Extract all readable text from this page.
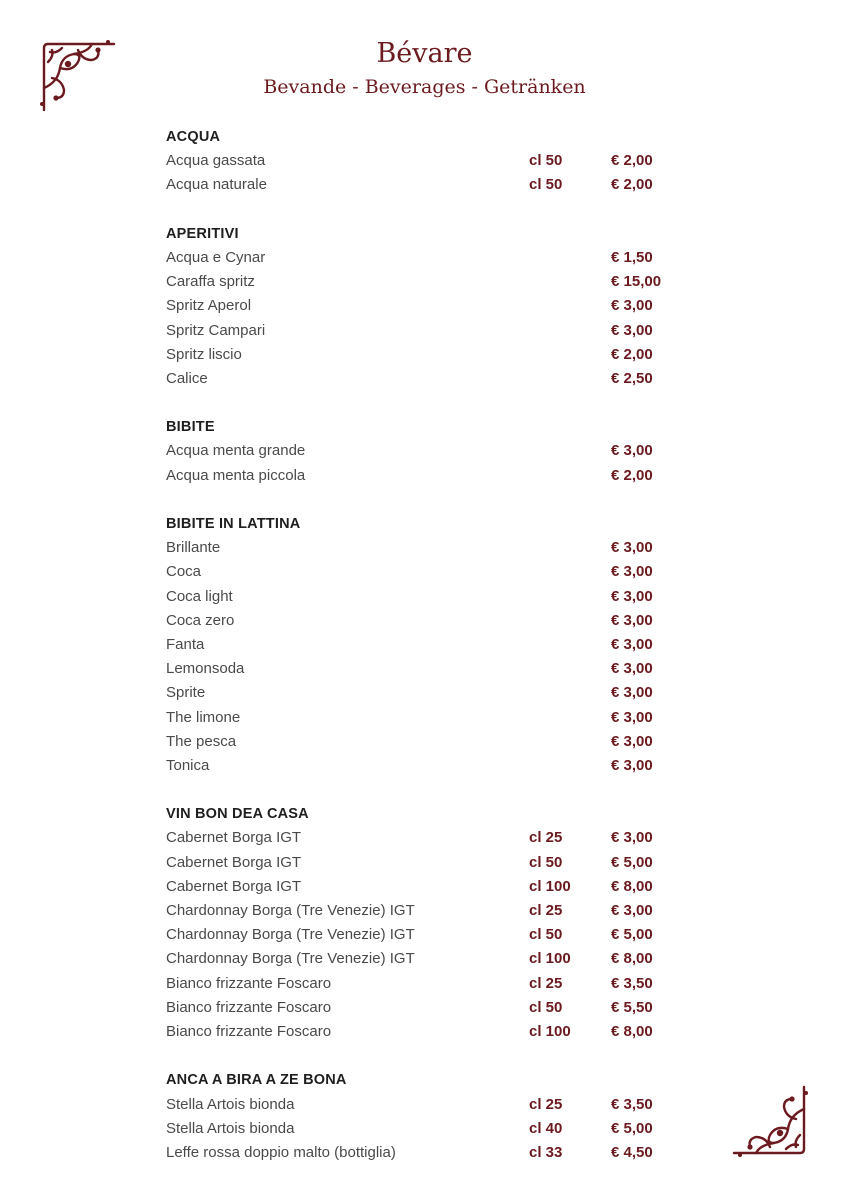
Bévare
Bevande - Beverages - Getränken
ACQUA
Acqua gassata	cl 50	€ 2,00
Acqua naturale	cl 50	€ 2,00
APERITIVI
Acqua e Cynar	€ 1,50
Caraffa spritz	€ 15,00
Spritz Aperol	€ 3,00
Spritz Campari	€ 3,00
Spritz liscio	€ 2,00
Calice	€ 2,50
BIBITE
Acqua menta grande	€ 3,00
Acqua menta piccola	€ 2,00
BIBITE IN LATTINA
Brillante	€ 3,00
Coca	€ 3,00
Coca light	€ 3,00
Coca zero	€ 3,00
Fanta	€ 3,00
Lemonsoda	€ 3,00
Sprite	€ 3,00
The limone	€ 3,00
The pesca	€ 3,00
Tonica	€ 3,00
VIN BON DEA CASA
Cabernet Borga IGT	cl 25	€ 3,00
Cabernet Borga IGT	cl 50	€ 5,00
Cabernet Borga IGT	cl 100	€ 8,00
Chardonnay Borga (Tre Venezie) IGT	cl 25	€ 3,00
Chardonnay Borga (Tre Venezie) IGT	cl 50	€ 5,00
Chardonnay Borga (Tre Venezie) IGT	cl 100	€ 8,00
Bianco frizzante Foscaro	cl 25	€ 3,50
Bianco frizzante Foscaro	cl 50	€ 5,50
Bianco frizzante Foscaro	cl 100	€ 8,00
ANCA A BIRA A ZE BONA
Stella Artois bionda	cl 25	€ 3,50
Stella Artois bionda	cl 40	€ 5,00
Leffe rossa doppio malto (bottiglia)	cl 33	€ 4,50
